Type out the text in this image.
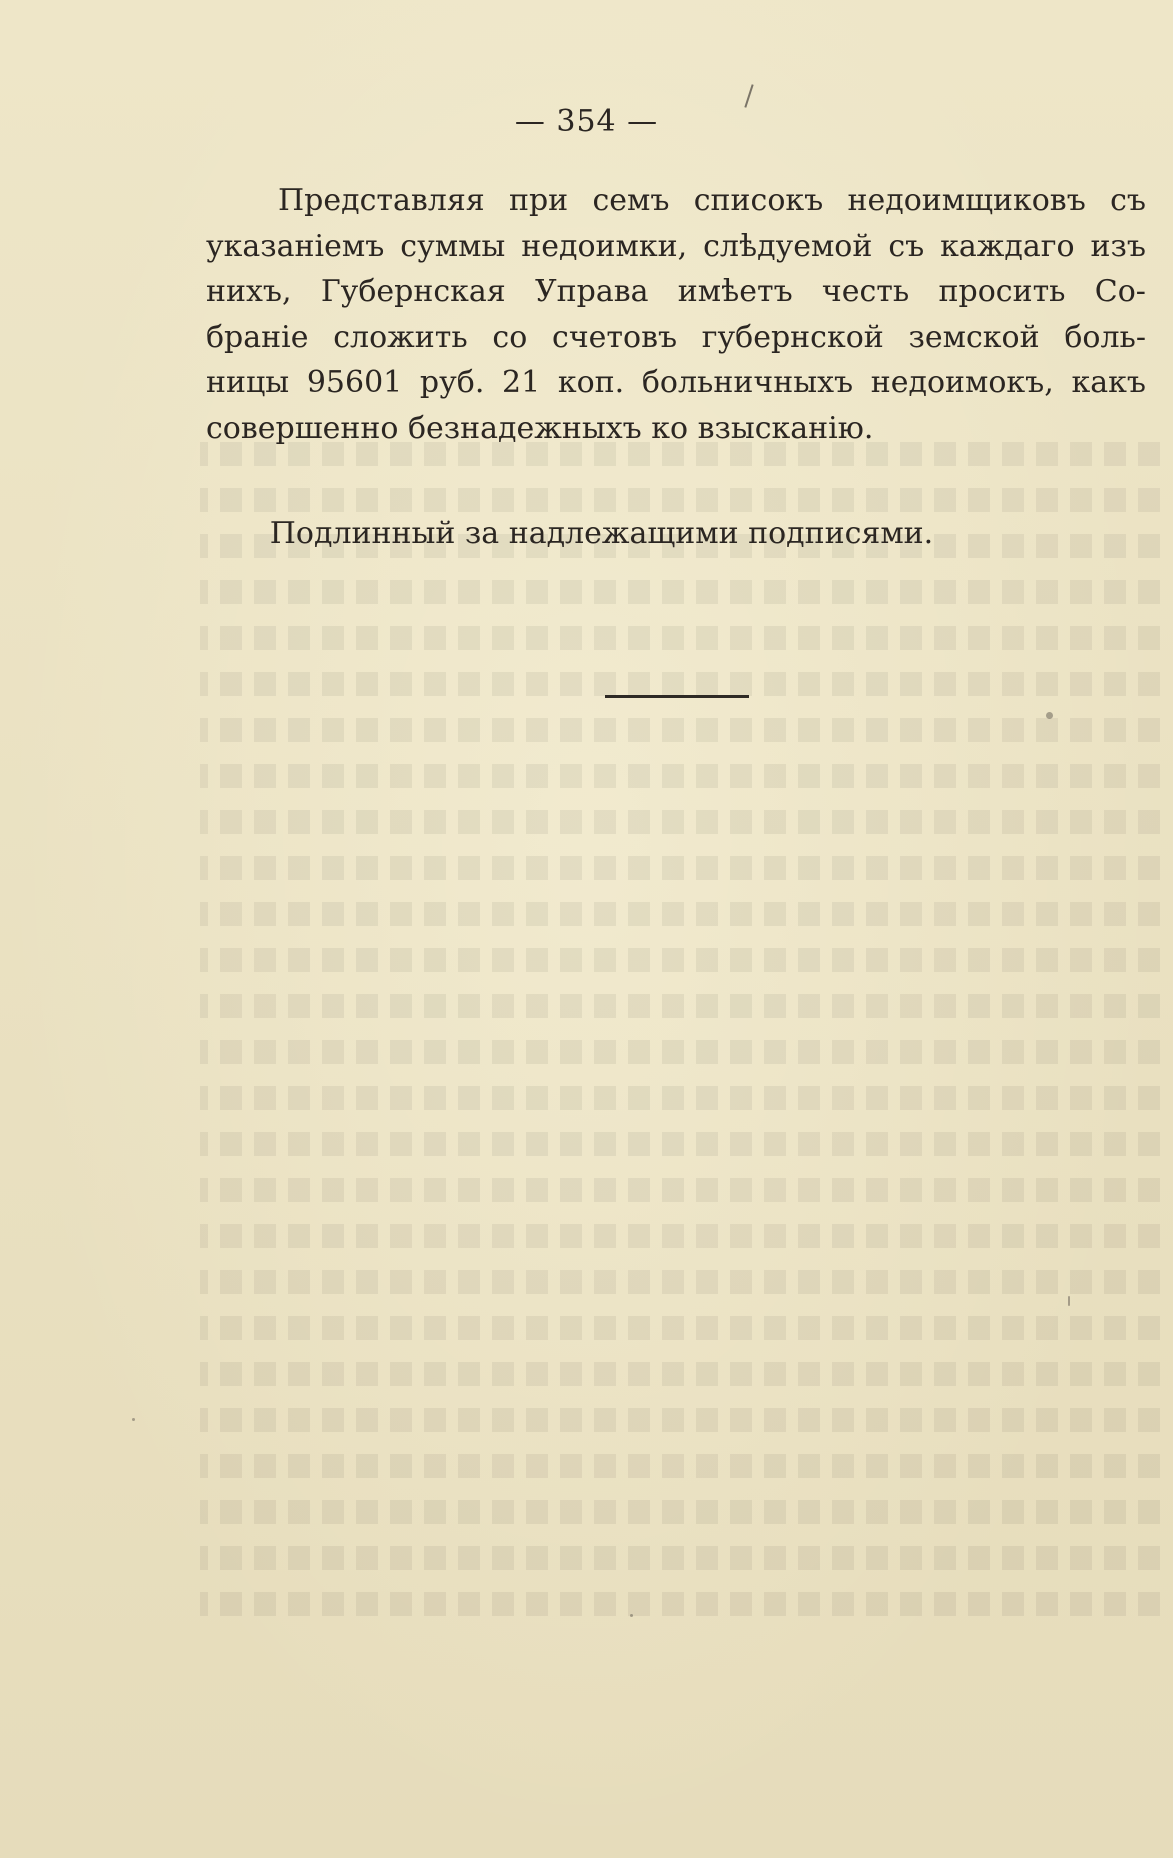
— 354 —
Представляя при семъ списокъ недоимщиковъ съ
указаніемъ суммы недоимки, слѣдуемой съ каждаго изъ
нихъ, Губернская Управа имѣетъ честь просить Со-
браніе сложить со счетовъ губернской земской боль-
ницы 95601 руб. 21 коп. больничныхъ недоимокъ, какъ
совершенно безнадежныхъ ко взысканію.
Подлинный за надлежащими подписями.
